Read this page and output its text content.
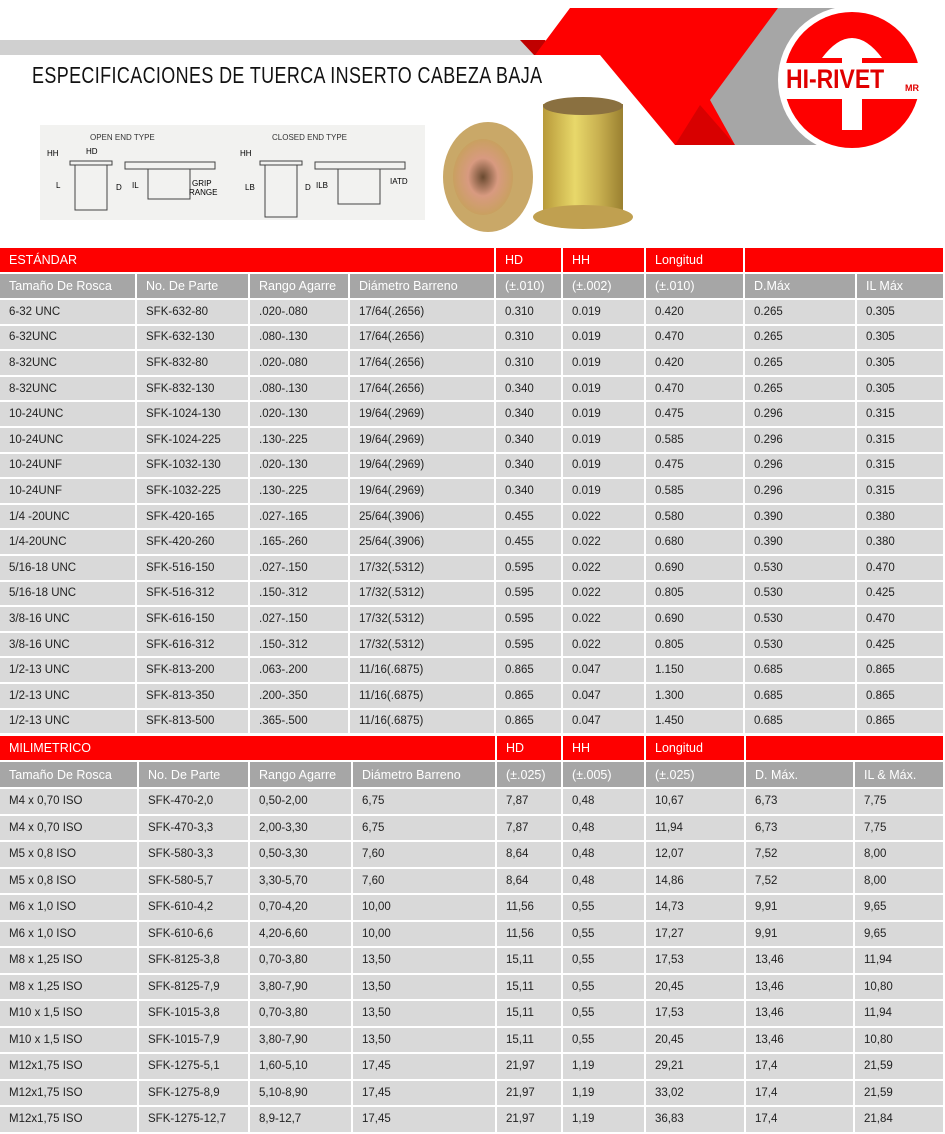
HI-RIVET MR
ESPECIFICACIONES DE TUERCA INSERTO CABEZA BAJA
OPEN END TYPE	CLOSED END TYPE
HH	HD
L	D IL	GRIP
RANGE
HH
LB	D ILB	IATD
ESTÁNDAR	HD	HH	Longitud
Tamaño De Rosca	No. De Parte	Rango Agarre	Diámetro Barreno	(±.010)	(±.002)	(±.010)	D.Máx	IL Máx
6-32 UNC	SFK-632-80	.020-.080	17/64(.2656)	0.310	0.019	0.420	0.265	0.305
6-32UNC	SFK-632-130	.080-.130	17/64(.2656)	0.310	0.019	0.470	0.265	0.305
8-32UNC	SFK-832-80	.020-.080	17/64(.2656)	0.310	0.019	0.420	0.265	0.305
8-32UNC	SFK-832-130	.080-.130	17/64(.2656)	0.340	0.019	0.470	0.265	0.305
10-24UNC	SFK-1024-130	.020-.130	19/64(.2969)	0.340	0.019	0.475	0.296	0.315
10-24UNC	SFK-1024-225	.130-.225	19/64(.2969)	0.340	0.019	0.585	0.296	0.315
10-24UNF	SFK-1032-130	.020-.130	19/64(.2969)	0.340	0.019	0.475	0.296	0.315
10-24UNF	SFK-1032-225	.130-.225	19/64(.2969)	0.340	0.019	0.585	0.296	0.315
1/4 -20UNC	SFK-420-165	.027-.165	25/64(.3906)	0.455	0.022	0.580	0.390	0.380
1/4-20UNC	SFK-420-260	.165-.260	25/64(.3906)	0.455	0.022	0.680	0.390	0.380
5/16-18 UNC	SFK-516-150	.027-.150	17/32(.5312)	0.595	0.022	0.690	0.530	0.470
5/16-18 UNC	SFK-516-312	.150-.312	17/32(.5312)	0.595	0.022	0.805	0.530	0.425
3/8-16 UNC	SFK-616-150	.027-.150	17/32(.5312)	0.595	0.022	0.690	0.530	0.470
3/8-16 UNC	SFK-616-312	.150-.312	17/32(.5312)	0.595	0.022	0.805	0.530	0.425
1/2-13 UNC	SFK-813-200	.063-.200	11/16(.6875)	0.865	0.047	1.150	0.685	0.865
1/2-13 UNC	SFK-813-350	.200-.350	11/16(.6875)	0.865	0.047	1.300	0.685	0.865
1/2-13 UNC	SFK-813-500	.365-.500	11/16(.6875)	0.865	0.047	1.450	0.685	0.865
MILIMETRICO	HD	HH	Longitud
Tamaño De Rosca	No. De Parte	Rango Agarre	Diámetro Barreno	(±.025)	(±.005)	(±.025)	D. Máx.	IL & Máx.
M4 x 0,70 ISO	SFK-470-2,0	0,50-2,00	6,75	7,87	0,48	10,67	6,73	7,75
M4 x 0,70 ISO	SFK-470-3,3	2,00-3,30	6,75	7,87	0,48	11,94	6,73	7,75
M5 x 0,8 ISO	SFK-580-3,3	0,50-3,30	7,60	8,64	0,48	12,07	7,52	8,00
M5 x 0,8 ISO	SFK-580-5,7	3,30-5,70	7,60	8,64	0,48	14,86	7,52	8,00
M6 x 1,0 ISO	SFK-610-4,2	0,70-4,20	10,00	11,56	0,55	14,73	9,91	9,65
M6 x 1,0 ISO	SFK-610-6,6	4,20-6,60	10,00	11,56	0,55	17,27	9,91	9,65
M8 x 1,25 ISO	SFK-8125-3,8	0,70-3,80	13,50	15,11	0,55	17,53	13,46	11,94
M8 x 1,25 ISO	SFK-8125-7,9	3,80-7,90	13,50	15,11	0,55	20,45	13,46	10,80
M10 x 1,5 ISO	SFK-1015-3,8	0,70-3,80	13,50	15,11	0,55	17,53	13,46	11,94
M10 x 1,5 ISO	SFK-1015-7,9	3,80-7,90	13,50	15,11	0,55	20,45	13,46	10,80
M12x1,75 ISO	SFK-1275-5,1	1,60-5,10	17,45	21,97	1,19	29,21	17,4	21,59
M12x1,75 ISO	SFK-1275-8,9	5,10-8,90	17,45	21,97	1,19	33,02	17,4	21,59
M12x1,75 ISO	SFK-1275-12,7	8,9-12,7	17,45	21,97	1,19	36,83	17,4	21,84
